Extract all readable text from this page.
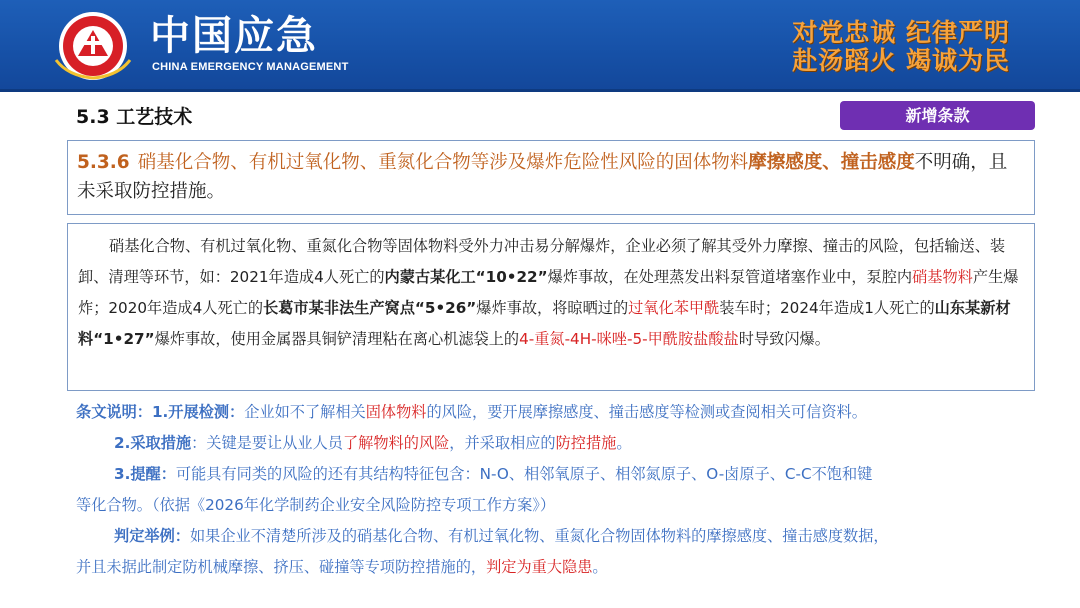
中国应急
CHINA EMERGENCY MANAGEMENT
对党忠诚 纪律严明
赴汤蹈火 竭诚为民
5.3 工艺技术	新增条款
5.3.6 硝基化合物、有机过氧化物、重氮化合物等涉及爆炸危险性风险的固体物料摩擦感度、撞击感度不明确，且未采取防控措施。

硝基化合物、有机过氧化物、重氮化合物等固体物料受外力冲击易分解爆炸，企业必须了解其受外力摩擦、撞击的风险，包括输送、装卸、清理等环节，如：2021年造成4人死亡的内蒙古某化工“10•22”爆炸事故，在处理蒸发出料泵管道堵塞作业中，泵腔内硝基物料产生爆炸；2020年造成4人死亡的长葛市某非法生产窝点“5•26”爆炸事故，将晾晒过的过氧化苯甲酰装车时；2024年造成1人死亡的山东某新材料“1•27”爆炸事故，使用金属器具铜铲清理粘在离心机滤袋上的4-重氮-4H-咪唑-5-甲酰胺盐酸盐时导致闪爆。

条文说明：1.开展检测：企业如不了解相关固体物料的风险，要开展摩擦感度、撞击感度等检测或查阅相关可信资料。
2.采取措施：关键是要让从业人员了解物料的风险，并采取相应的防控措施。
3.提醒：可能具有同类的风险的还有其结构特征包含：N-O、相邻氧原子、相邻氮原子、O-卤原子、C-C不饱和键
等化合物。（依据《2026年化学制药企业安全风险防控专项工作方案》）
判定举例：如果企业不清楚所涉及的硝基化合物、有机过氧化物、重氮化合物固体物料的摩擦感度、撞击感度数据，
并且未据此制定防机械摩擦、挤压、碰撞等专项防控措施的，判定为重大隐患。
